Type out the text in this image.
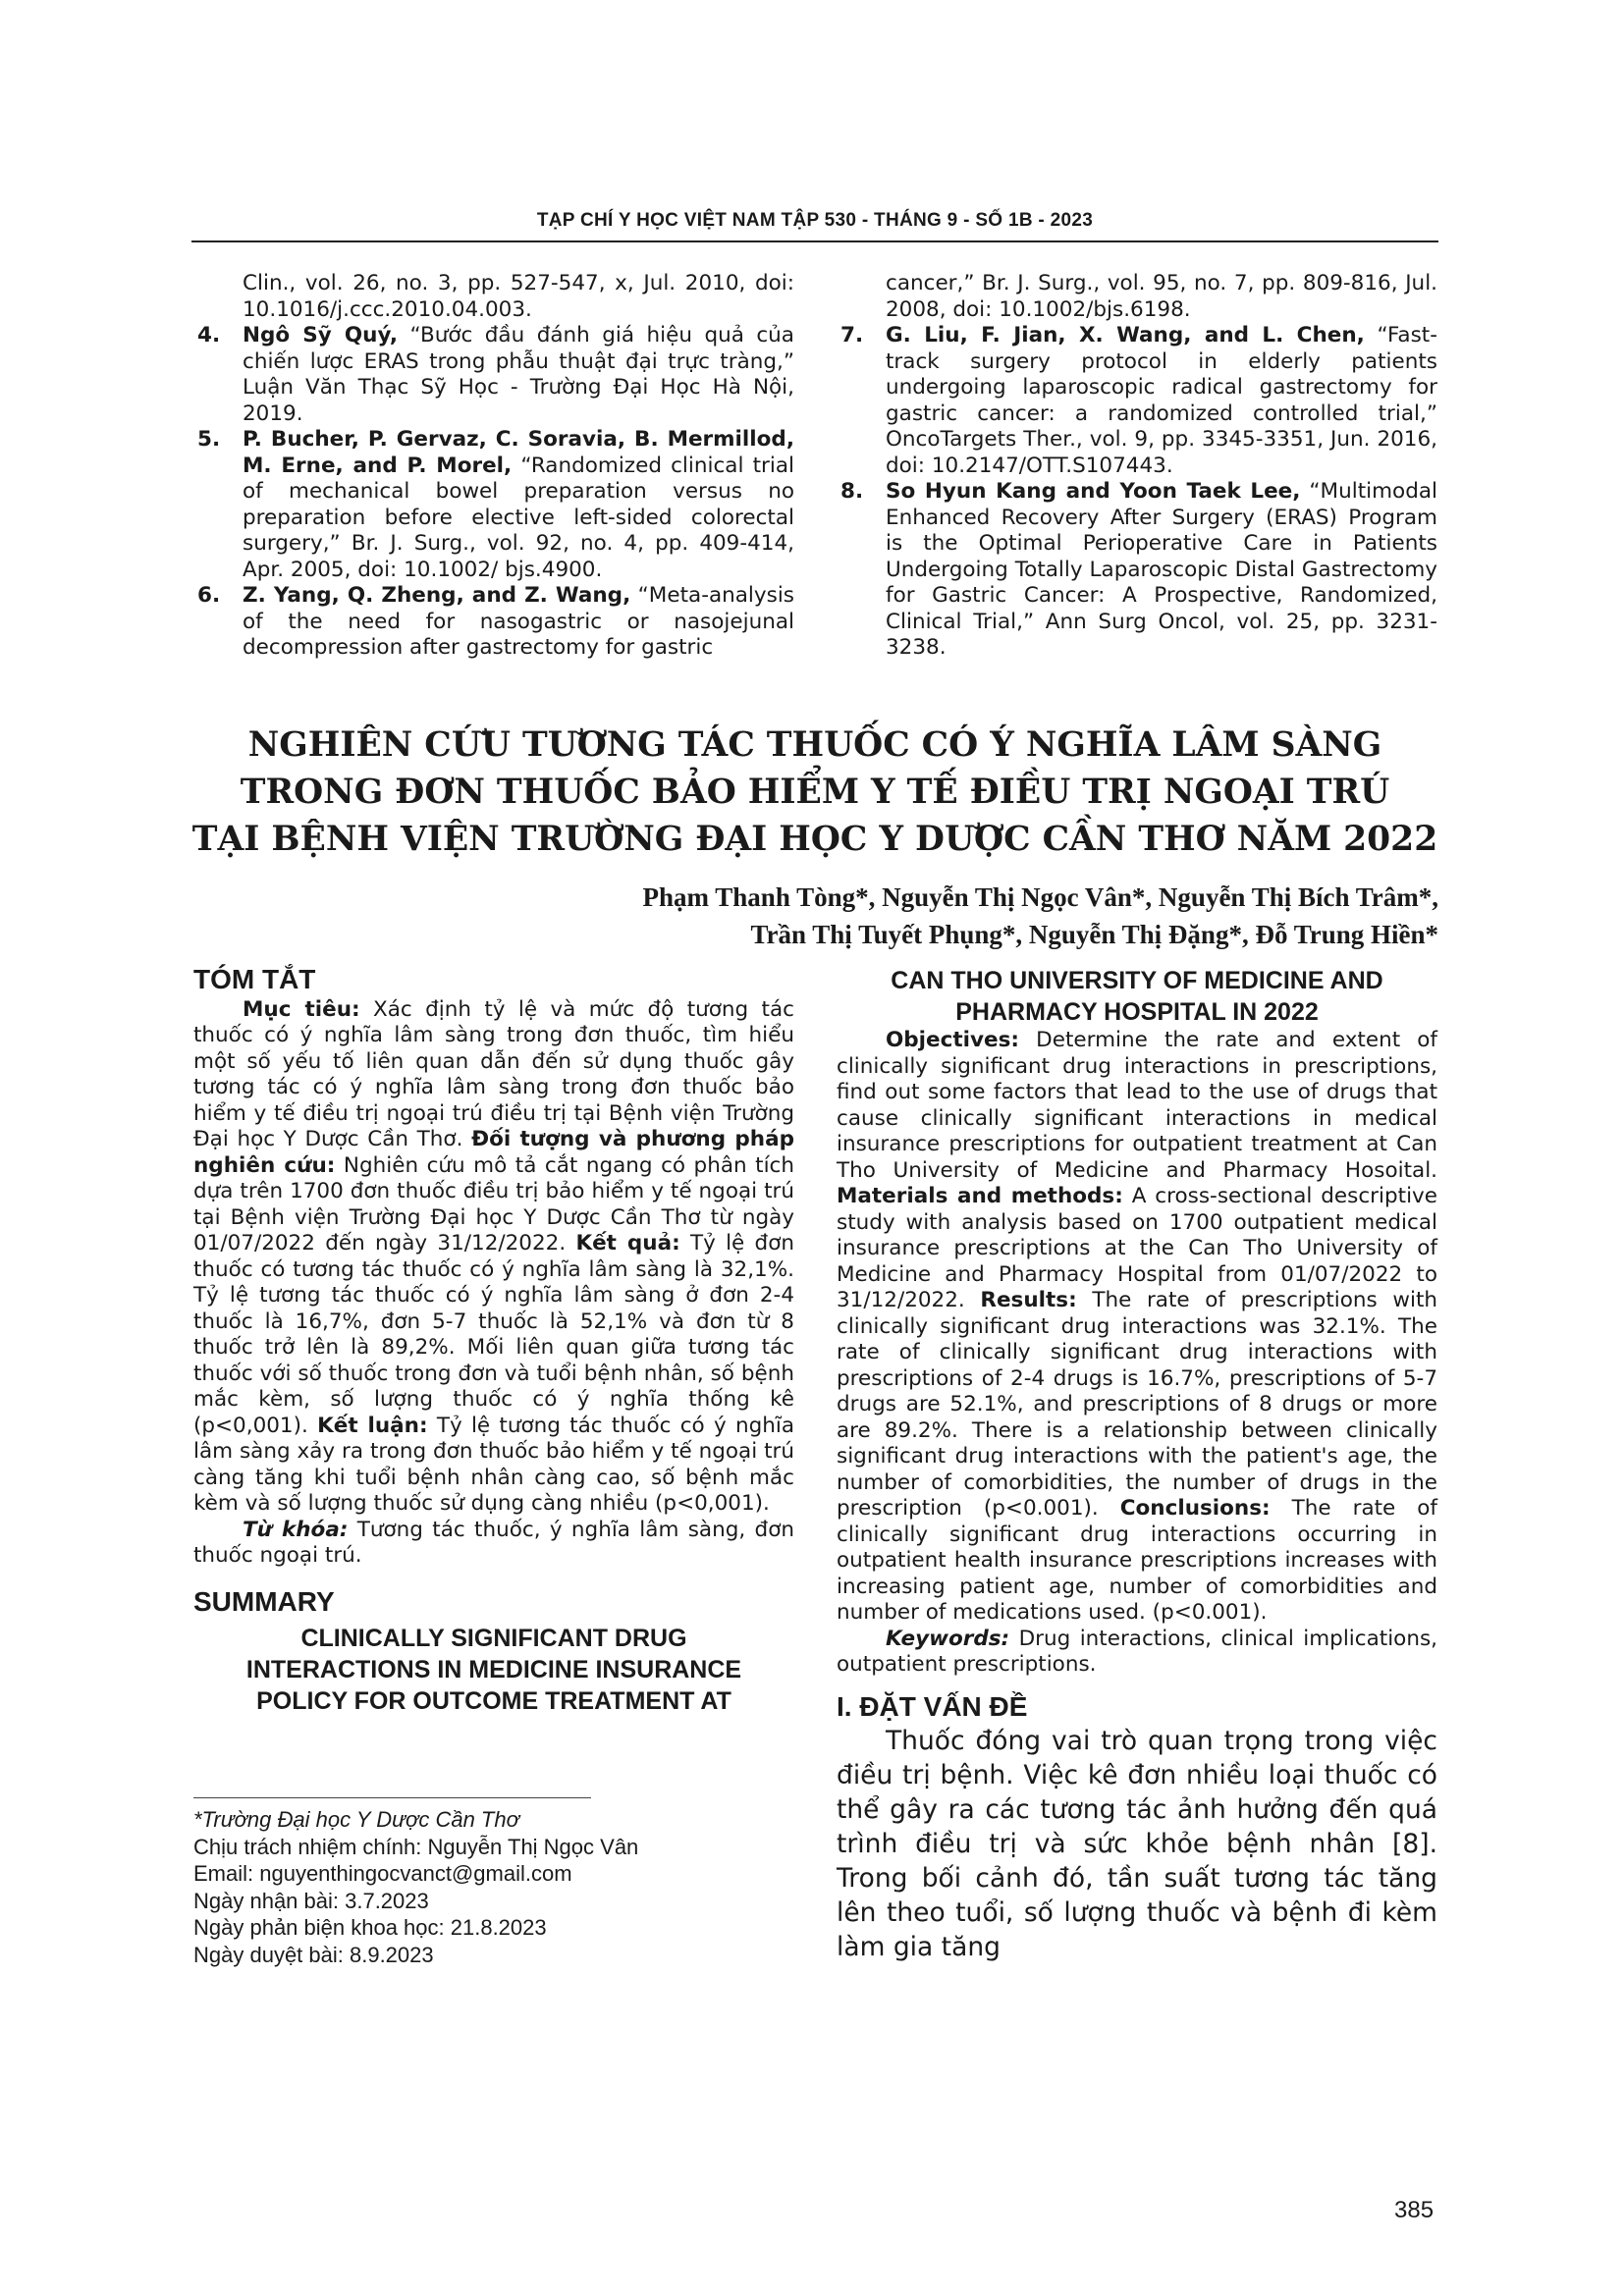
TẠP CHÍ Y HỌC VIỆT NAM TẬP 530 - THÁNG 9 - SỐ 1B - 2023

Clin., vol. 26, no. 3, pp. 527-547, x, Jul. 2010, doi: 10.1016/j.ccc.2010.04.003.

4. Ngô Sỹ Quý, “Bước đầu đánh giá hiệu quả của chiến lược ERAS trong phẫu thuật đại trực tràng,” Luận Văn Thạc Sỹ Học - Trường Đại Học Hà Nội, 2019.

5. P. Bucher, P. Gervaz, C. Soravia, B. Mermillod, M. Erne, and P. Morel, “Randomized clinical trial of mechanical bowel preparation versus no preparation before elective left-sided colorectal surgery,” Br. J. Surg., vol. 92, no. 4, pp. 409-414, Apr. 2005, doi: 10.1002/ bjs.4900.

6. Z. Yang, Q. Zheng, and Z. Wang, “Meta-analysis of the need for nasogastric or nasojejunal decompression after gastrectomy for gastric

cancer,” Br. J. Surg., vol. 95, no. 7, pp. 809-816, Jul. 2008, doi: 10.1002/bjs.6198.

7. G. Liu, F. Jian, X. Wang, and L. Chen, “Fast-track surgery protocol in elderly patients undergoing laparoscopic radical gastrectomy for gastric cancer: a randomized controlled trial,” OncoTargets Ther., vol. 9, pp. 3345-3351, Jun. 2016, doi: 10.2147/OTT.S107443.

8. So Hyun Kang and Yoon Taek Lee, “Multimodal Enhanced Recovery After Surgery (ERAS) Program is the Optimal Perioperative Care in Patients Undergoing Totally Laparoscopic Distal Gastrectomy for Gastric Cancer: A Prospective, Randomized, Clinical Trial,” Ann Surg Oncol, vol. 25, pp. 3231-3238.

NGHIÊN CỨU TƯƠNG TÁC THUỐC CÓ Ý NGHĨA LÂM SÀNG
TRONG ĐƠN THUỐC BẢO HIỂM Y TẾ ĐIỀU TRỊ NGOẠI TRÚ
TẠI BỆNH VIỆN TRƯỜNG ĐẠI HỌC Y DƯỢC CẦN THƠ NĂM 2022
Phạm Thanh Tòng*, Nguyễn Thị Ngọc Vân*, Nguyễn Thị Bích Trâm*,
Trần Thị Tuyết Phụng*, Nguyễn Thị Đặng*, Đỗ Trung Hiền*
TÓM TẮT

Mục tiêu: Xác định tỷ lệ và mức độ tương tác thuốc có ý nghĩa lâm sàng trong đơn thuốc, tìm hiểu một số yếu tố liên quan dẫn đến sử dụng thuốc gây tương tác có ý nghĩa lâm sàng trong đơn thuốc bảo hiểm y tế điều trị ngoại trú điều trị tại Bệnh viện Trường Đại học Y Dược Cần Thơ. Đối tượng và phương pháp nghiên cứu: Nghiên cứu mô tả cắt ngang có phân tích dựa trên 1700 đơn thuốc điều trị bảo hiểm y tế ngoại trú tại Bệnh viện Trường Đại học Y Dược Cần Thơ từ ngày 01/07/2022 đến ngày 31/12/2022. Kết quả: Tỷ lệ đơn thuốc có tương tác thuốc có ý nghĩa lâm sàng là 32,1%. Tỷ lệ tương tác thuốc có ý nghĩa lâm sàng ở đơn 2-4 thuốc là 16,7%, đơn 5-7 thuốc là 52,1% và đơn từ 8 thuốc trở lên là 89,2%. Mối liên quan giữa tương tác thuốc với số thuốc trong đơn và tuổi bệnh nhân, số bệnh mắc kèm, số lượng thuốc có ý nghĩa thống kê (p<0,001). Kết luận: Tỷ lệ tương tác thuốc có ý nghĩa lâm sàng xảy ra trong đơn thuốc bảo hiểm y tế ngoại trú càng tăng khi tuổi bệnh nhân càng cao, số bệnh mắc kèm và số lượng thuốc sử dụng càng nhiều (p<0,001).

Từ khóa: Tương tác thuốc, ý nghĩa lâm sàng, đơn thuốc ngoại trú.

SUMMARY
CLINICALLY SIGNIFICANT DRUG
INTERACTIONS IN MEDICINE INSURANCE
POLICY FOR OUTCOME TREATMENT AT
CAN THO UNIVERSITY OF MEDICINE AND
PHARMACY HOSPITAL IN 2022

Objectives: Determine the rate and extent of clinically significant drug interactions in prescriptions, find out some factors that lead to the use of drugs that cause clinically significant interactions in medical insurance prescriptions for outpatient treatment at Can Tho University of Medicine and Pharmacy Hosoital. Materials and methods: A cross-sectional descriptive study with analysis based on 1700 outpatient medical insurance prescriptions at the Can Tho University of Medicine and Pharmacy Hospital from 01/07/2022 to 31/12/2022. Results: The rate of prescriptions with clinically significant drug interactions was 32.1%. The rate of clinically significant drug interactions with prescriptions of 2-4 drugs is 16.7%, prescriptions of 5-7 drugs are 52.1%, and prescriptions of 8 drugs or more are 89.2%. There is a relationship between clinically significant drug interactions with the patient's age, the number of comorbidities, the number of drugs in the prescription (p<0.001). Conclusions: The rate of clinically significant drug interactions occurring in outpatient health insurance prescriptions increases with increasing patient age, number of comorbidities and number of medications used. (p<0.001).

Keywords: Drug interactions, clinical implications, outpatient prescriptions.

I. ĐẶT VẤN ĐỀ

Thuốc đóng vai trò quan trọng trong việc điều trị bệnh. Việc kê đơn nhiều loại thuốc có thể gây ra các tương tác ảnh hưởng đến quá trình điều trị và sức khỏe bệnh nhân [8]. Trong bối cảnh đó, tần suất tương tác tăng lên theo tuổi, số lượng thuốc và bệnh đi kèm làm gia tăng

*Trường Đại học Y Dược Cần Thơ
Chịu trách nhiệm chính: Nguyễn Thị Ngọc Vân
Email: nguyenthingocvanct@gmail.com
Ngày nhận bài: 3.7.2023
Ngày phản biện khoa học: 21.8.2023
Ngày duyệt bài: 8.9.2023
385
